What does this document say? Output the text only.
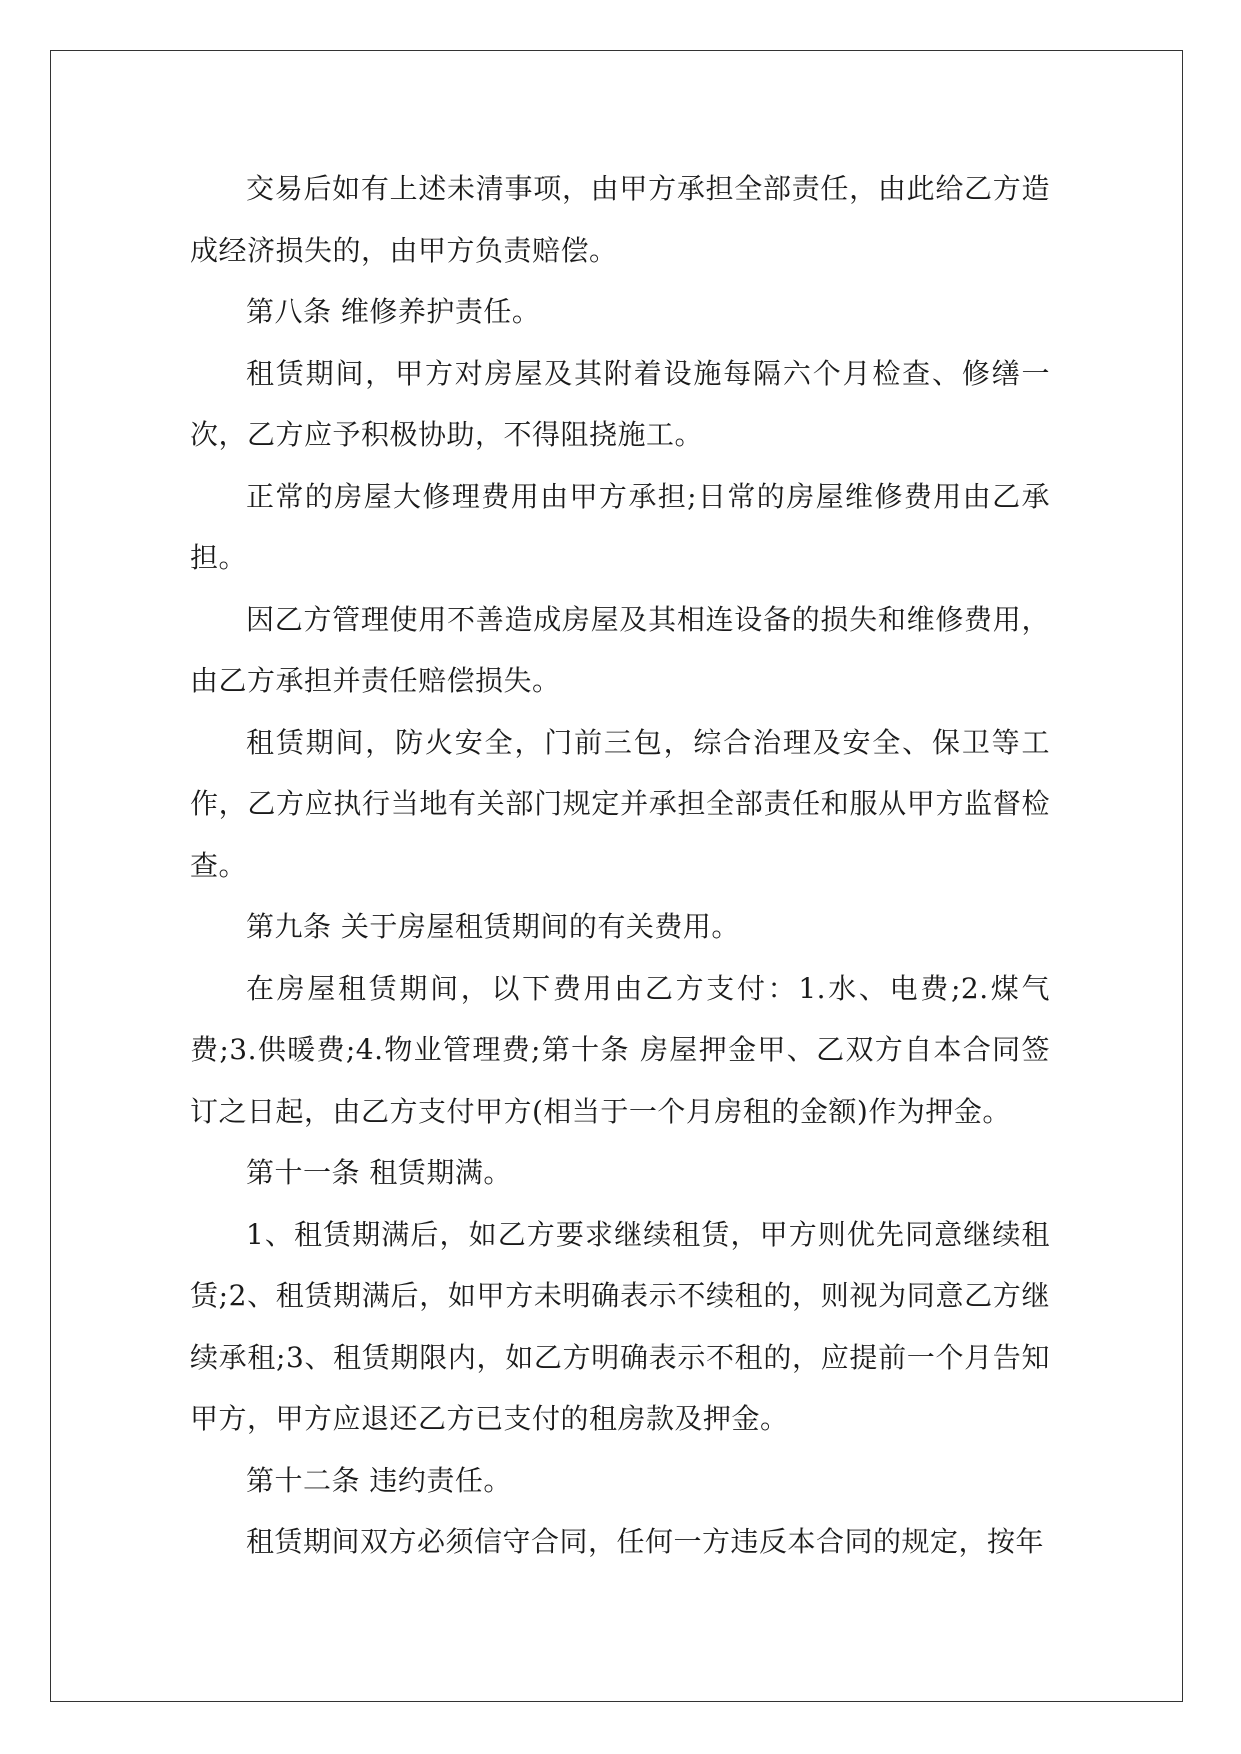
交易后如有上述未清事项，由甲方承担全部责任，由此给乙方造成经济损失的，由甲方负责赔偿。

第八条 维修养护责任。

租赁期间，甲方对房屋及其附着设施每隔六个月检查、修缮一次，乙方应予积极协助，不得阻挠施工。

正常的房屋大修理费用由甲方承担;日常的房屋维修费用由乙承担。

因乙方管理使用不善造成房屋及其相连设备的损失和维修费用，由乙方承担并责任赔偿损失。

租赁期间，防火安全，门前三包，综合治理及安全、保卫等工作，乙方应执行当地有关部门规定并承担全部责任和服从甲方监督检查。

第九条 关于房屋租赁期间的有关费用。

在房屋租赁期间，以下费用由乙方支付：1.水、电费;2.煤气费;3.供暖费;4.物业管理费;第十条 房屋押金甲、乙双方自本合同签订之日起，由乙方支付甲方(相当于一个月房租的金额)作为押金。

第十一条 租赁期满。

1、租赁期满后，如乙方要求继续租赁，甲方则优先同意继续租赁;2、租赁期满后，如甲方未明确表示不续租的，则视为同意乙方继续承租;3、租赁期限内，如乙方明确表示不租的，应提前一个月告知甲方，甲方应退还乙方已支付的租房款及押金。

第十二条 违约责任。

租赁期间双方必须信守合同，任何一方违反本合同的规定，按年
